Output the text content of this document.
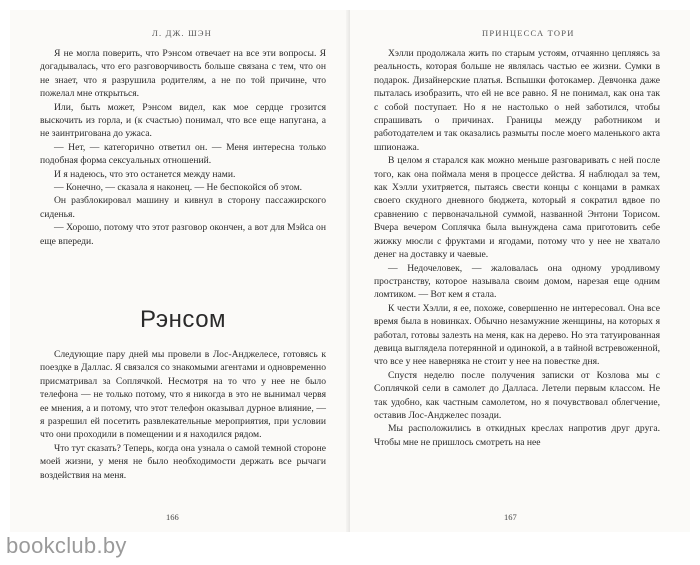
Л. ДЖ. ШЭН

Я не могла поверить, что Рэнсом отвечает на все эти вопросы. Я догадывалась, что его разговорчивость больше связана с тем, что он не знает, что я разрушила родителям, а не по той причине, что пожелал мне открыться.

Или, быть может, Рэнсом видел, как мое сердце грозится выскочить из горла, и (к счастью) понимал, что все еще напугана, а не заинтригована до ужаса.

— Нет, — категорично ответил он. — Меня интересна только подобная форма сексуальных отношений.

И я надеюсь, что это останется между нами.

— Конечно, — сказала я наконец. — Не беспокойся об этом.

Он разблокировал машину и кивнул в сторону пассажирского сиденья.

— Хорошо, потому что этот разговор окончен, а вот для Мэйса он еще впереди.

Рэнсом

Следующие пару дней мы провели в Лос-Анджелесе, готовясь к поездке в Даллас. Я связался со знакомыми агентами и одновременно присматривал за Соплячкой. Несмотря на то что у нее не было телефона — не только потому, что я никогда в это не вынимал червя ее мнения, а и потому, что этот телефон оказывал дурное влияние, — я разрешил ей посетить развлекательные мероприятия, при условии что они проходили в помещении и я находился рядом.

Что тут сказать? Теперь, когда она узнала о самой темной стороне моей жизни, у меня не было необходимости держать все рычаги воздействия на меня.

166
ПРИНЦЕССА ТОРИ

Хэлли продолжала жить по старым устоям, отчаянно цепляясь за реальность, которая больше не являлась частью ее жизни. Сумки в подарок. Дизайнерские платья. Вспышки фотокамер. Девчонка даже пыталась изобразить, что ей не все равно. Я не понимал, как она так с собой поступает. Но я не настолько о ней заботился, чтобы спрашивать о причинах. Границы между работником и работодателем и так оказались размыты после моего маленького акта шпионажа.

В целом я старался как можно меньше разговаривать с ней после того, как она поймала меня в процессе действа. Я наблюдал за тем, как Хэлли ухитряется, пытаясь свести концы с концами в рамках своего скудного дневного бюджета, который я сократил вдвое по сравнению с первоначальной суммой, названной Энтони Торисом. Вчера вечером Соплячка была вынуждена сама приготовить себе жижку мюсли с фруктами и ягодами, потому что у нее не хватало денег на доставку и чаевые.

— Недочеловек, — жаловалась она одному уродливому пространству, которое называла своим домом, нарезая еще одним ломтиком. — Вот кем я стала.

К чести Хэлли, я ее, похоже, совершенно не интересовал. Она все время была в новинках. Обычно незамужние женщины, на которых я работал, готовы залезть на меня, как на дерево. Но эта татуированная девица выглядела потерянной и одинокой, а в тайной встревоженной, что все у нее наверняка не стоит у нее на повестке дня.

Спустя неделю после получения записки от Козлова мы с Соплячкой сели в самолет до Далласа. Летели первым классом. Не так удобно, как частным самолетом, но я почувствовал облегчение, оставив Лос-Анджелес позади.

Мы расположились в откидных креслах напротив друг друга. Чтобы мне не пришлось смотреть на нее

167
bookclub.by
